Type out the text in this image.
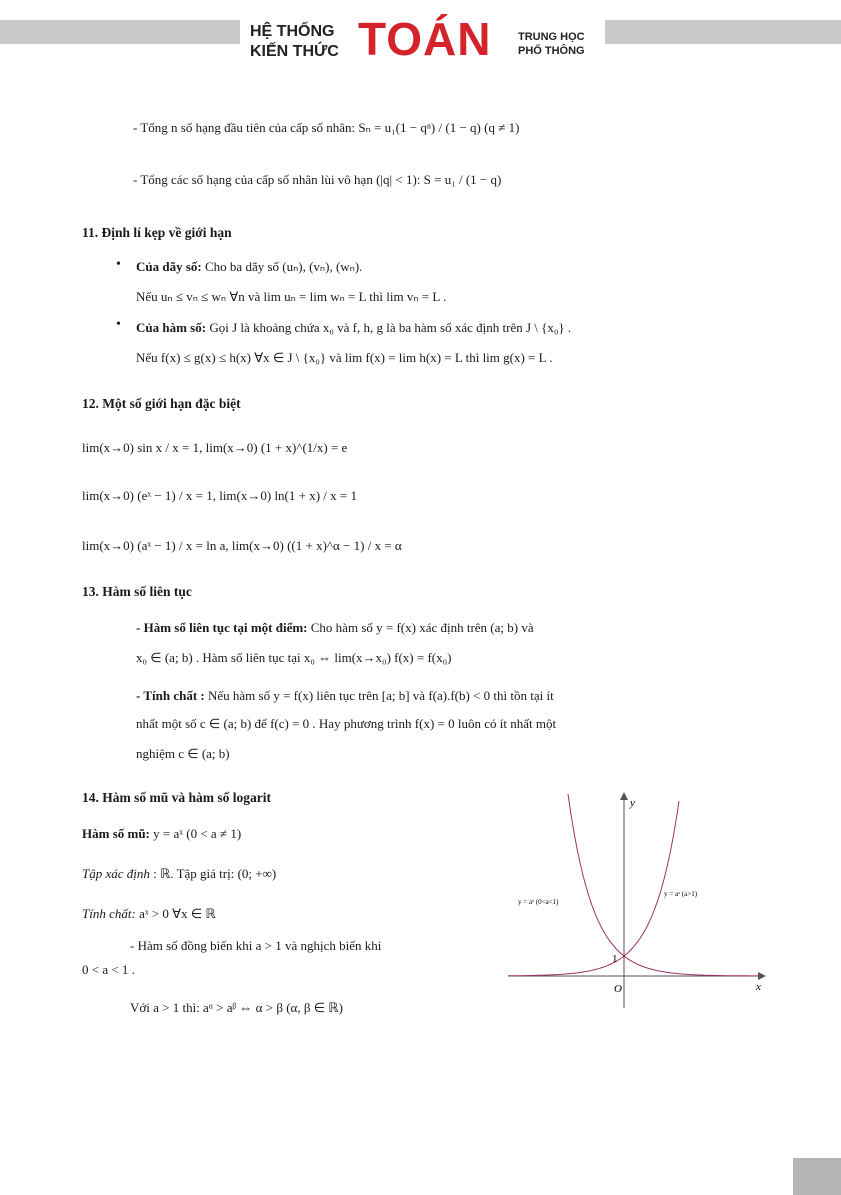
HỆ THỐNG
KIẾN THỨC TOÁN TRUNG HỌC
PHỔ THÔNG
- Tổng n số hạng đầu tiên của cấp số nhân: Sₙ = u₁(1 − qⁿ) / (1 − q) (q ≠ 1)
- Tổng các số hạng của cấp số nhân lùi vô hạn (|q| < 1): S = u₁ / (1 − q)
11. Định lí kẹp về giới hạn
• Của dãy số: Cho ba dãy số (uₙ), (vₙ), (wₙ).
Nếu uₙ ≤ vₙ ≤ wₙ ∀n và lim uₙ = lim wₙ = L thì lim vₙ = L .
• Của hàm số: Gọi J là khoảng chứa x₀ và f, h, g là ba hàm số xác định trên J \ {x₀} .
Nếu f(x) ≤ g(x) ≤ h(x) ∀x ∈ J \ {x₀} và lim f(x) = lim h(x) = L thì lim g(x) = L .
12. Một số giới hạn đặc biệt
lim(x→0) sin x / x = 1, lim(x→0) (1 + x)^(1/x) = e
lim(x→0) (eˣ − 1) / x = 1, lim(x→0) ln(1 + x) / x = 1
lim(x→0) (aˣ − 1) / x = ln a, lim(x→0) ((1 + x)^α − 1) / x = α
13. Hàm số liên tục
- Hàm số liên tục tại một điểm: Cho hàm số y = f(x) xác định trên (a; b) và
x₀ ∈ (a; b) . Hàm số liên tục tại x₀ ⇔ lim(x→x₀) f(x) = f(x₀)
- Tính chất : Nếu hàm số y = f(x) liên tục trên [a; b] và f(a).f(b) < 0 thì tồn tại ít
nhất một số c ∈ (a; b) để f(c) = 0 . Hay phương trình f(x) = 0 luôn có ít nhất một
nghiệm c ∈ (a; b)
14. Hàm số mũ và hàm số logarit
Hàm số mũ: y = aˣ (0 < a ≠ 1)
Tập xác định : ℝ. Tập giá trị: (0; +∞)
Tính chất: aˣ > 0 ∀x ∈ ℝ
- Hàm số đồng biến khi a > 1 và nghịch biến khi
0 < a < 1 .
Với a > 1 thì: aᵅ > aᵝ ⇔ α > β (α, β ∈ ℝ)
y
x
O
1
y = aˣ (0<a<1)
y = aˣ (a>1)
